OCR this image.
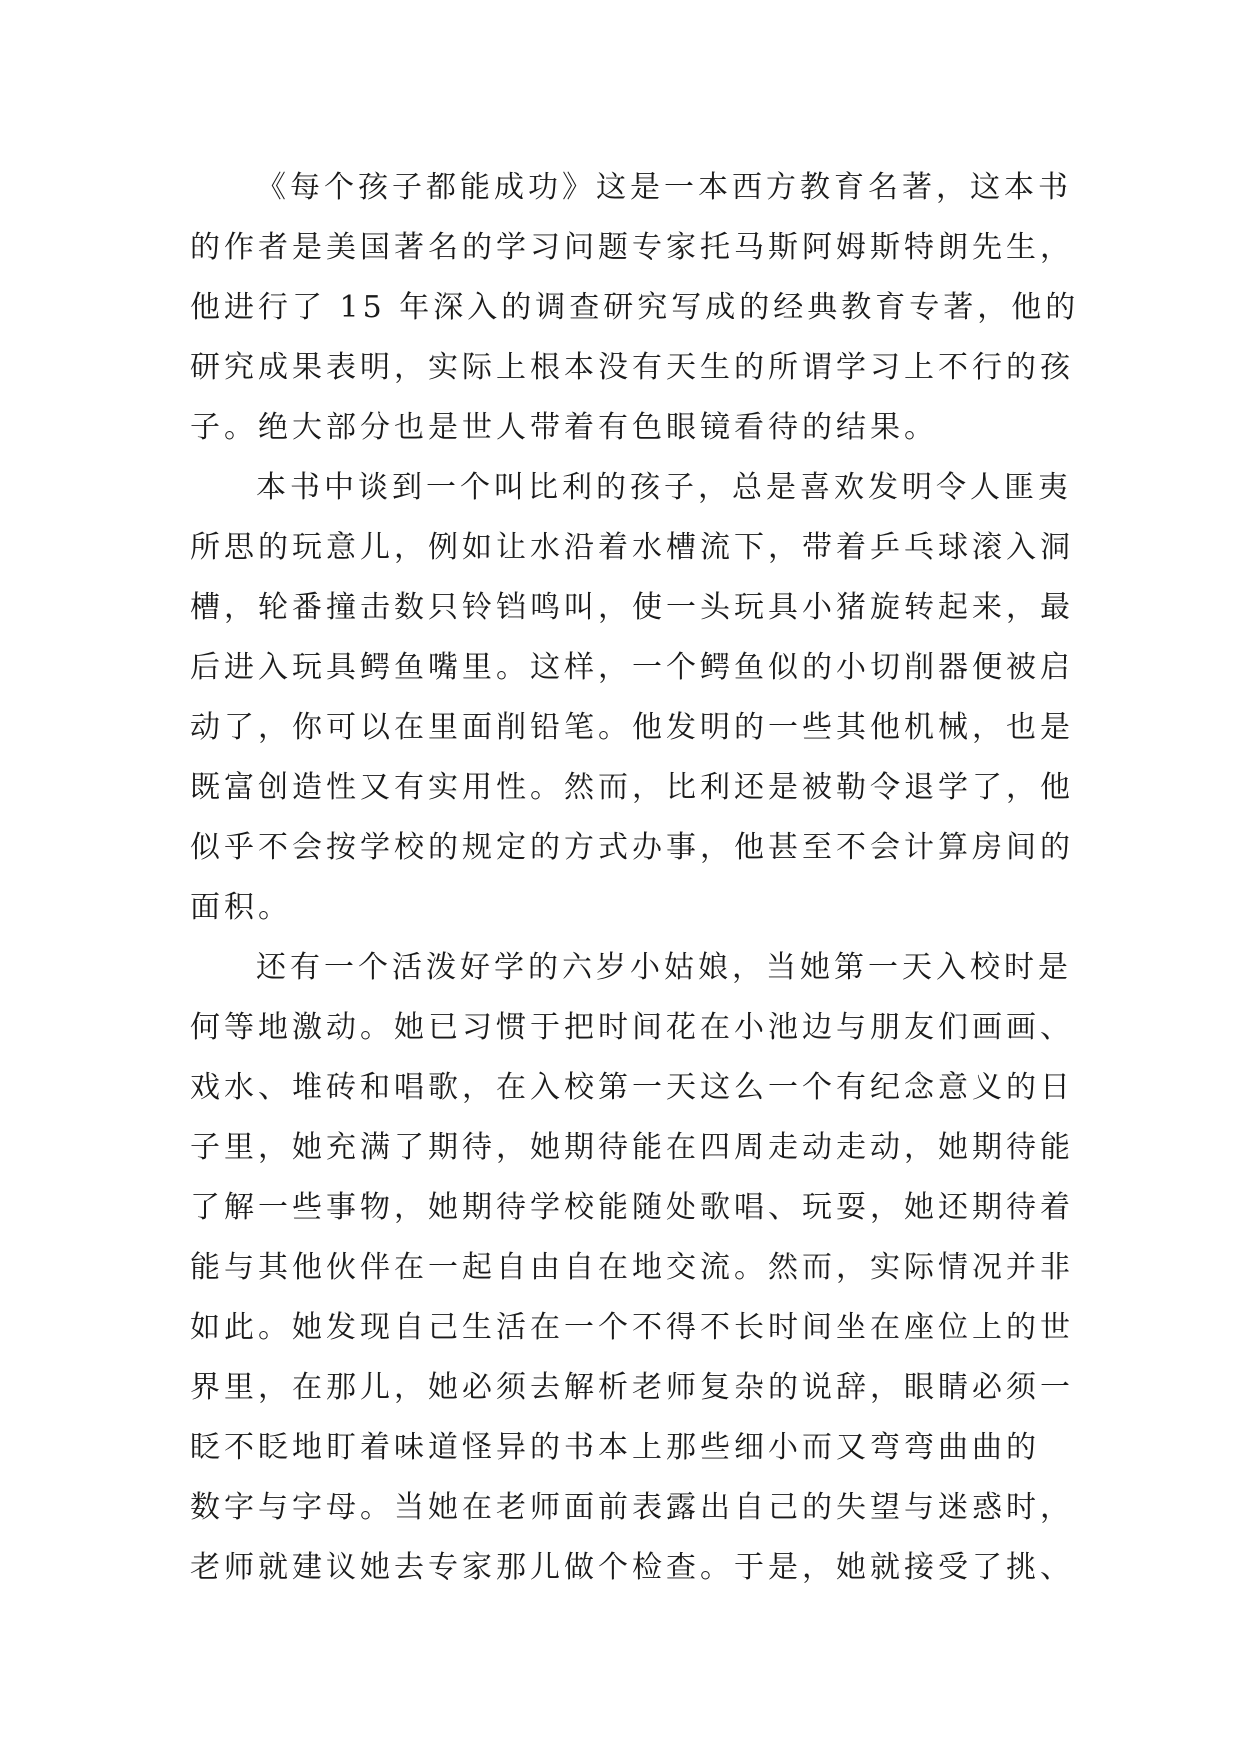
《每个孩子都能成功》这是一本西方教育名著，这本书
的作者是美国著名的学习问题专家托马斯阿姆斯特朗先生，
他进行了 15 年深入的调查研究写成的经典教育专著，他的
研究成果表明，实际上根本没有天生的所谓学习上不行的孩
子。绝大部分也是世人带着有色眼镜看待的结果。
本书中谈到一个叫比利的孩子，总是喜欢发明令人匪夷
所思的玩意儿，例如让水沿着水槽流下，带着乒乓球滚入洞
槽，轮番撞击数只铃铛鸣叫，使一头玩具小猪旋转起来，最
后进入玩具鳄鱼嘴里。这样，一个鳄鱼似的小切削器便被启
动了，你可以在里面削铅笔。他发明的一些其他机械，也是
既富创造性又有实用性。然而，比利还是被勒令退学了，他
似乎不会按学校的规定的方式办事，他甚至不会计算房间的
面积。
还有一个活泼好学的六岁小姑娘，当她第一天入校时是
何等地激动。她已习惯于把时间花在小池边与朋友们画画、
戏水、堆砖和唱歌，在入校第一天这么一个有纪念意义的日
子里，她充满了期待，她期待能在四周走动走动，她期待能
了解一些事物，她期待学校能随处歌唱、玩耍，她还期待着
能与其他伙伴在一起自由自在地交流。然而，实际情况并非
如此。她发现自己生活在一个不得不长时间坐在座位上的世
界里，在那儿，她必须去解析老师复杂的说辞，眼睛必须一
眨不眨地盯着味道怪异的书本上那些细小而又弯弯曲曲的
数字与字母。当她在老师面前表露出自己的失望与迷惑时，
老师就建议她去专家那儿做个检查。于是，她就接受了挑、
